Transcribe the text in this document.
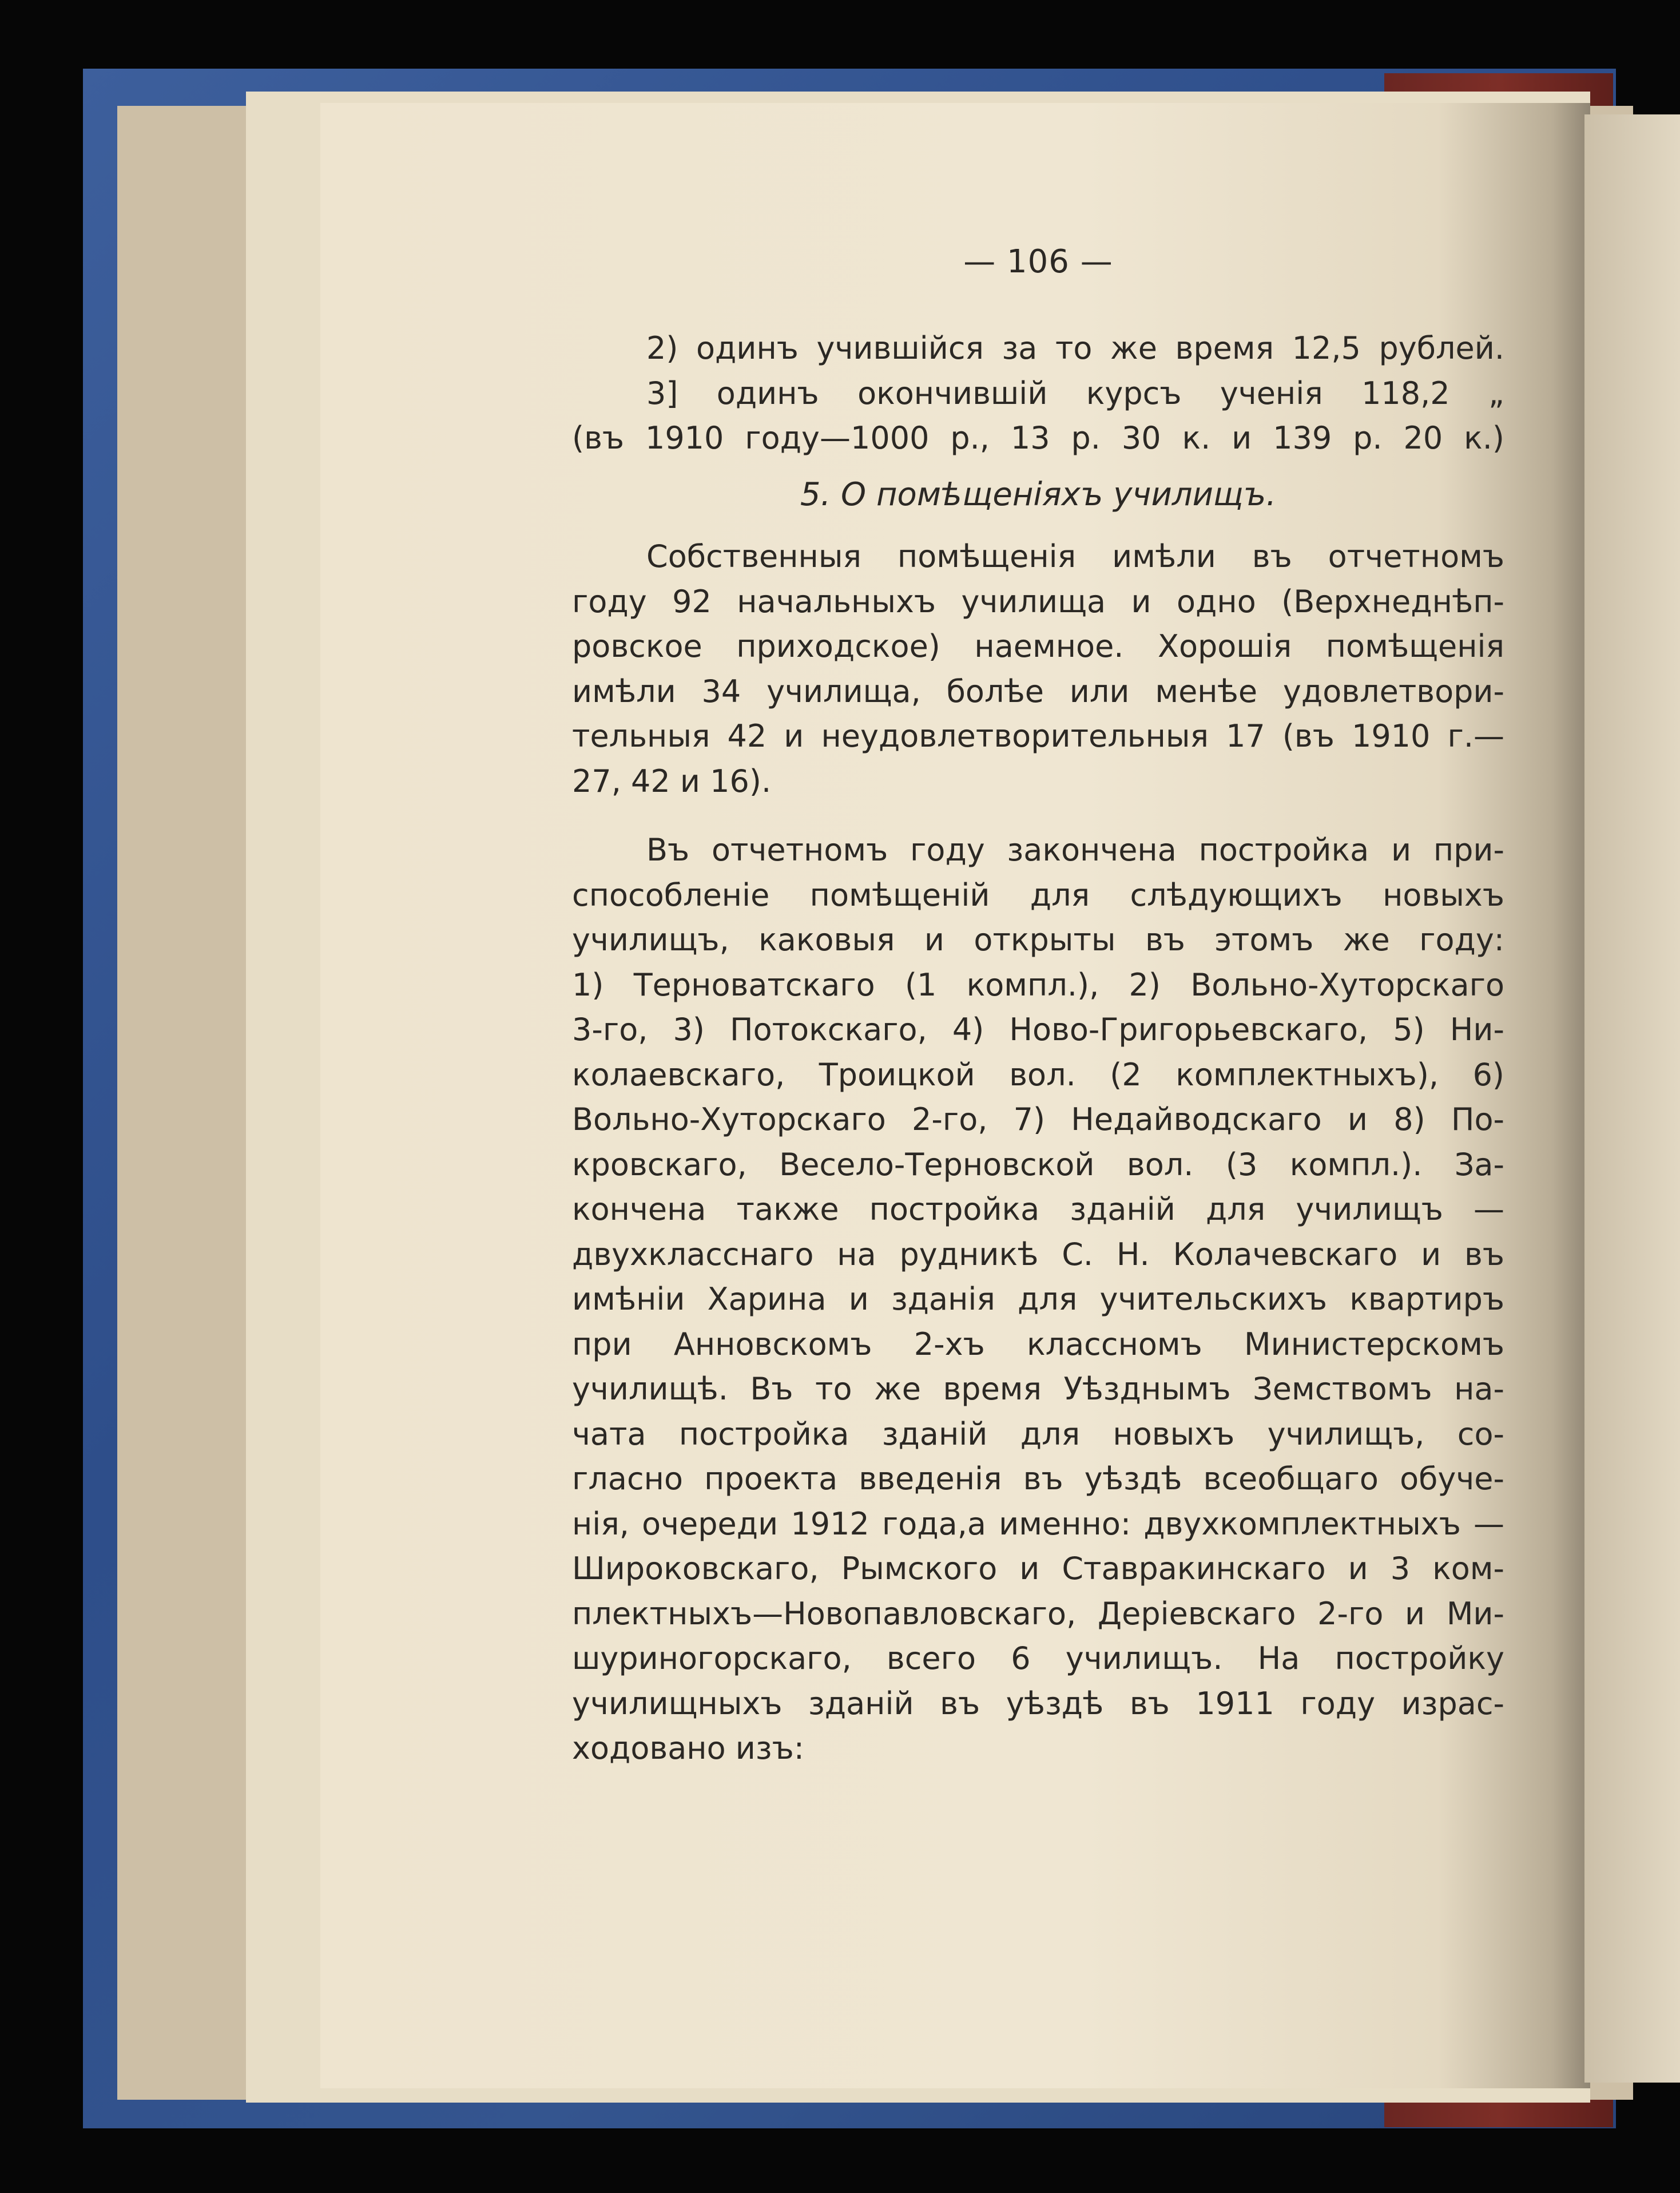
— 106 —
2) одинъ учившійся за то же время 12,5 рублей.
3] одинъ окончившій курсъ ученія 118,2 „
(въ 1910 году—1000 р., 13 р. 30 к. и 139 р. 20 к.)
5. О помѣщеніяхъ училищъ.
Собственныя помѣщенія имѣли въ отчетномъ
году 92 начальныхъ училища и одно (Верхнеднѣп-
ровское приходское) наемное. Хорошія помѣщенія
имѣли 34 училища, болѣе или менѣе удовлетвори-
тельныя 42 и неудовлетворительныя 17 (въ 1910 г.—
27, 42 и 16).
Въ отчетномъ году закончена постройка и при-
способленіе помѣщеній для слѣдующихъ новыхъ
училищъ, каковыя и открыты въ этомъ же году:
1) Терноватскаго (1 компл.), 2) Вольно-Хуторскаго
3-го, 3) Потокскаго, 4) Ново-Григорьевскаго, 5) Ни-
колаевскаго, Троицкой вол. (2 комплектныхъ), 6)
Вольно-Хуторскаго 2-го, 7) Недайводскаго и 8) По-
кровскаго, Весело-Терновской вол. (3 компл.). За-
кончена также постройка зданій для училищъ —
двухкласснаго на рудникѣ С. Н. Колачевскаго и въ
имѣніи Харина и зданія для учительскихъ квартиръ
при Анновскомъ 2-хъ классномъ Министерскомъ
училищѣ. Въ то же время Уѣзднымъ Земствомъ на-
чата постройка зданій для новыхъ училищъ, со-
гласно проекта введенія въ уѣздѣ всеобщаго обуче-
нія, очереди 1912 года,а именно: двухкомплектныхъ —
Широковскаго, Рымского и Ставракинскаго и 3 ком-
плектныхъ—Новопавловскаго, Деріевскаго 2-го и Ми-
шуриногорскаго, всего 6 училищъ. На постройку
училищныхъ зданій въ уѣздѣ въ 1911 году израс-
ходовано изъ:
